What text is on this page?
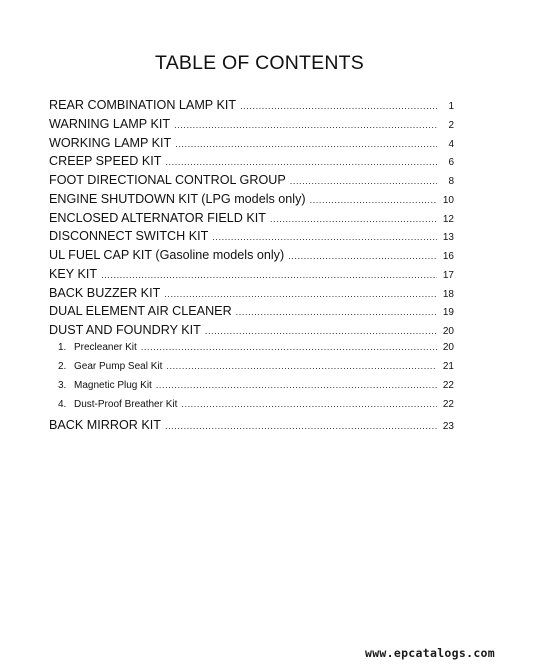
TABLE OF CONTENTS
REAR COMBINATION LAMP KIT .....	1
WARNING LAMP KIT .....	2
WORKING LAMP KIT .....	4
CREEP SPEED KIT .....	6
FOOT DIRECTIONAL CONTROL GROUP .....	8
ENGINE SHUTDOWN KIT (LPG models only) .....	10
ENCLOSED ALTERNATOR FIELD KIT .....	12
DISCONNECT SWITCH KIT .....	13
UL FUEL CAP KIT (Gasoline models only) .....	16
KEY KIT .....	17
BACK BUZZER KIT .....	18
DUAL ELEMENT AIR CLEANER .....	19
DUST AND FOUNDRY KIT .....	20
1. Precleaner Kit .....	20
2. Gear Pump Seal Kit .....	21
3. Magnetic Plug Kit .....	22
4. Dust-Proof Breather Kit .....	22
BACK MIRROR KIT .....	23
www.epcatalogs.com
